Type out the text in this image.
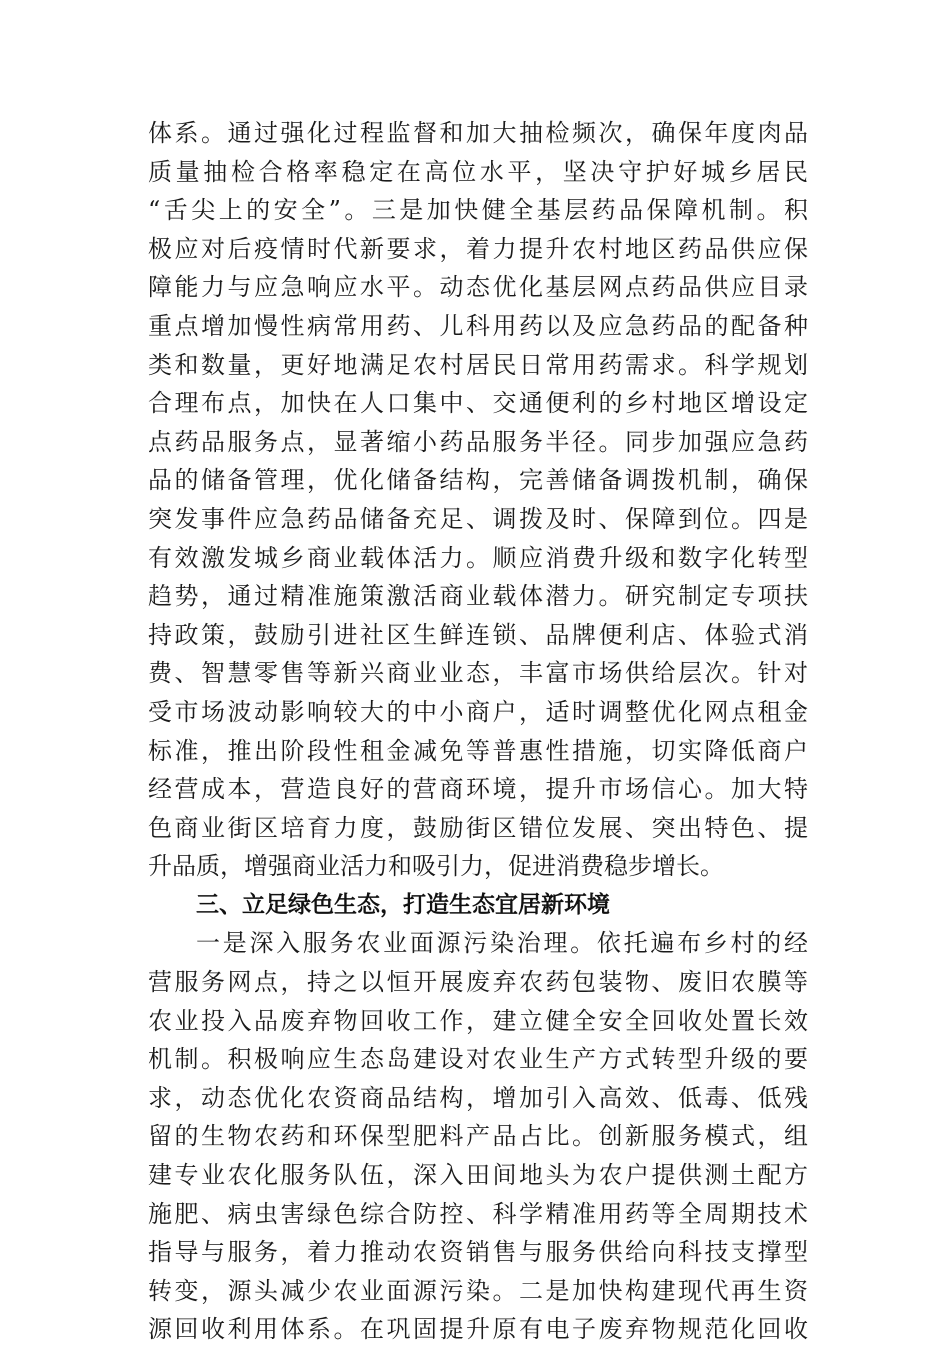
体系。通过强化过程监督和加大抽检频次，确保年度肉品
质量抽检合格率稳定在高位水平，坚决守护好城乡居民
“舌尖上的安全”。三是加快健全基层药品保障机制。积
极应对后疫情时代新要求，着力提升农村地区药品供应保
障能力与应急响应水平。动态优化基层网点药品供应目录
重点增加慢性病常用药、儿科用药以及应急药品的配备种
类和数量，更好地满足农村居民日常用药需求。科学规划
合理布点，加快在人口集中、交通便利的乡村地区增设定
点药品服务点，显著缩小药品服务半径。同步加强应急药
品的储备管理，优化储备结构，完善储备调拨机制，确保
突发事件应急药品储备充足、调拨及时、保障到位。四是
有效激发城乡商业载体活力。顺应消费升级和数字化转型
趋势，通过精准施策激活商业载体潜力。研究制定专项扶
持政策，鼓励引进社区生鲜连锁、品牌便利店、体验式消
费、智慧零售等新兴商业业态，丰富市场供给层次。针对
受市场波动影响较大的中小商户，适时调整优化网点租金
标准，推出阶段性租金减免等普惠性措施，切实降低商户
经营成本，营造良好的营商环境，提升市场信心。加大特
色商业街区培育力度，鼓励街区错位发展、突出特色、提
升品质，增强商业活力和吸引力，促进消费稳步增长。
三、立足绿色生态，打造生态宜居新环境
一是深入服务农业面源污染治理。依托遍布乡村的经
营服务网点，持之以恒开展废弃农药包装物、废旧农膜等
农业投入品废弃物回收工作，建立健全安全回收处置长效
机制。积极响应生态岛建设对农业生产方式转型升级的要
求，动态优化农资商品结构，增加引入高效、低毒、低残
留的生物农药和环保型肥料产品占比。创新服务模式，组
建专业农化服务队伍，深入田间地头为农户提供测土配方
施肥、病虫害绿色综合防控、科学精准用药等全周期技术
指导与服务，着力推动农资销售与服务供给向科技支撑型
转变，源头减少农业面源污染。二是加快构建现代再生资
源回收利用体系。在巩固提升原有电子废弃物规范化回收
